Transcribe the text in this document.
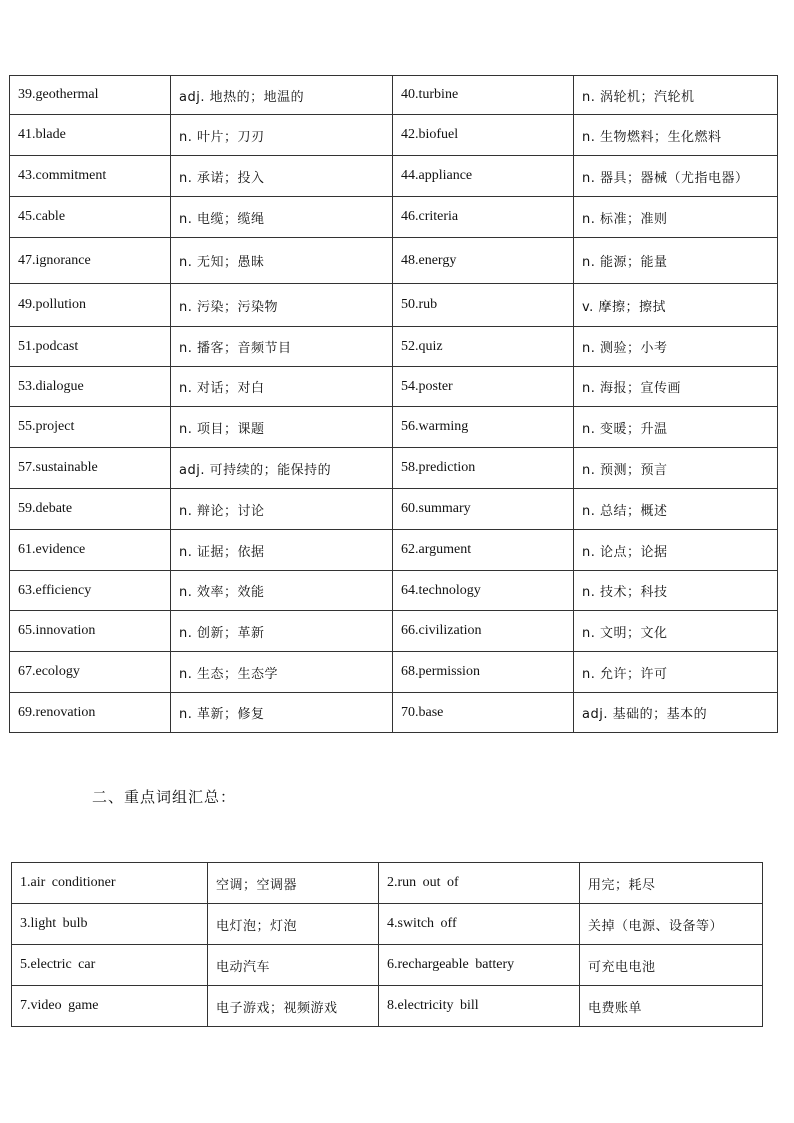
39.geothermal	adj. 地热的；地温的	40.turbine	n. 涡轮机；汽轮机
41.blade	n. 叶片；刀刃	42.biofuel	n. 生物燃料；生化燃料
43.commitment	n. 承诺；投入	44.appliance	n. 器具；器械（尤指电器）
45.cable	n. 电缆；缆绳	46.criteria	n. 标准；准则
47.ignorance	n. 无知；愚昧	48.energy	n. 能源；能量
49.pollution	n. 污染；污染物	50.rub	v. 摩擦；擦拭
51.podcast	n. 播客；音频节目	52.quiz	n. 测验；小考
53.dialogue	n. 对话；对白	54.poster	n. 海报；宣传画
55.project	n. 项目；课题	56.warming	n. 变暖；升温
57.sustainable	adj. 可持续的；能保持的	58.prediction	n. 预测；预言
59.debate	n. 辩论；讨论	60.summary	n. 总结；概述
61.evidence	n. 证据；依据	62.argument	n. 论点；论据
63.efficiency	n. 效率；效能	64.technology	n. 技术；科技
65.innovation	n. 创新；革新	66.civilization	n. 文明；文化
67.ecology	n. 生态；生态学	68.permission	n. 允许；许可
69.renovation	n. 革新；修复	70.base	adj. 基础的；基本的
二、重点词组汇总：
1.air conditioner	空调；空调器	2.run out of	用完；耗尽
3.light bulb	电灯泡；灯泡	4.switch off	关掉（电源、设备等）
5.electric car	电动汽车	6.rechargeable battery	可充电电池
7.video game	电子游戏；视频游戏	8.electricity bill	电费账单
